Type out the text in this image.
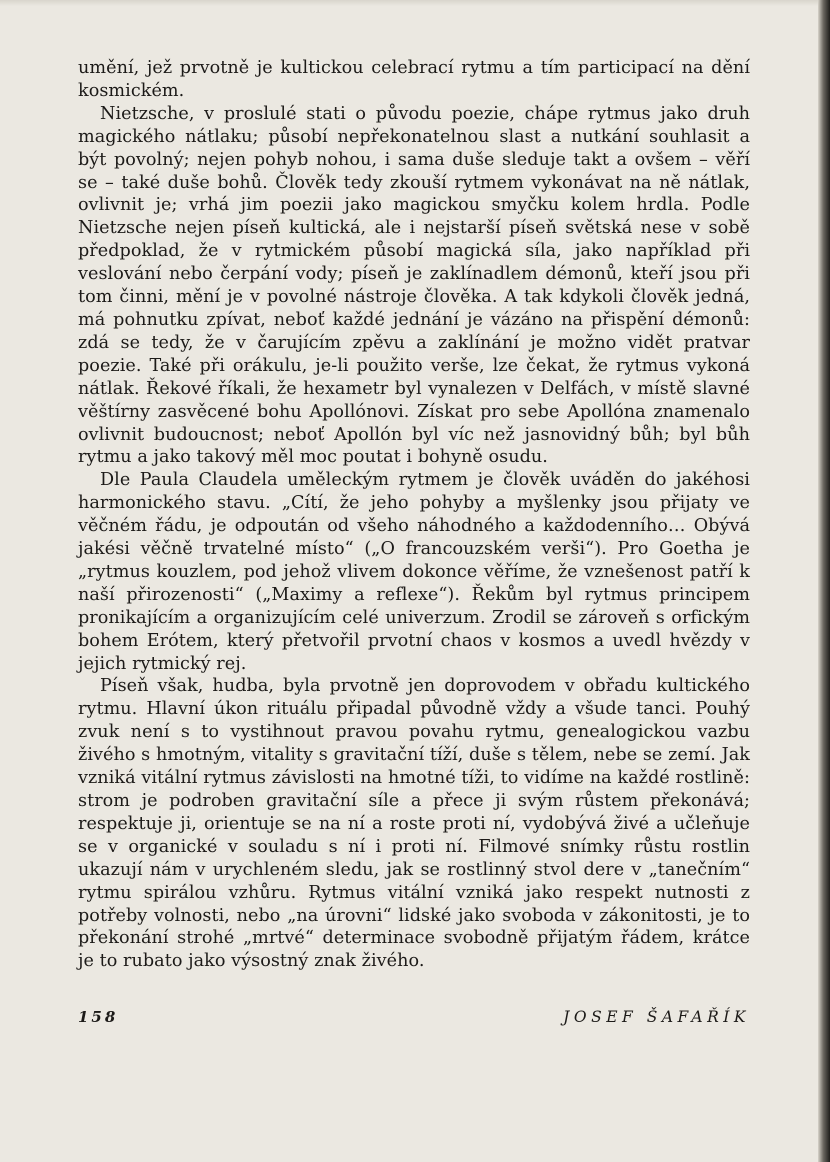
umění, jež prvotně je kultickou celebrací rytmu a tím participací na dění kosmickém.

Nietzsche, v proslulé stati o původu poezie, chápe rytmus jako druh magického nátlaku; působí nepřekonatelnou slast a nutkání souhlasit a být povolný; nejen pohyb nohou, i sama duše sleduje takt a ovšem – věří se – také duše bohů. Člověk tedy zkouší rytmem vykonávat na ně nátlak, ovlivnit je; vrhá jim poezii jako magickou smyčku kolem hrdla. Podle Nietzsche nejen píseň kultická, ale i nejstarší píseň světská nese v sobě předpoklad, že v rytmickém působí magická síla, jako například při veslování nebo čerpání vody; píseň je zaklínadlem démonů, kteří jsou při tom činni, mění je v povolné nástroje člověka. A tak kdykoli člověk jedná, má pohnutku zpívat, neboť každé jednání je vázáno na přispění démonů: zdá se tedy, že v čarujícím zpěvu a zaklínání je možno vidět pratvar poezie. Také při orákulu, je-li použito verše, lze čekat, že rytmus vykoná nátlak. Řekové říkali, že hexametr byl vynalezen v Delfách, v místě slavné věštírny zasvěcené bohu Apollónovi. Získat pro sebe Apollóna znamenalo ovlivnit budoucnost; neboť Apollón byl víc než jasnovidný bůh; byl bůh rytmu a jako takový měl moc poutat i bohyně osudu.

Dle Paula Claudela uměleckým rytmem je člověk uváděn do jakéhosi harmonického stavu. „Cítí, že jeho pohyby a myšlenky jsou přijaty ve věčném řádu, je odpoután od všeho náhodného a každodenního… Obývá jakési věčně trvatelné místo“ („O francouzském verši“). Pro Goetha je „rytmus kouzlem, pod jehož vlivem dokonce věříme, že vznešenost patří k naší přirozenosti“ („Maximy a reflexe“). Řekům byl rytmus principem pronikajícím a organizujícím celé univerzum. Zrodil se zároveň s orfickým bohem Erótem, který přetvořil prvotní chaos v kosmos a uvedl hvězdy v jejich rytmický rej.

Píseň však, hudba, byla prvotně jen doprovodem v obřadu kultického rytmu. Hlavní úkon rituálu připadal původně vždy a všude tanci. Pouhý zvuk není s to vystihnout pravou povahu rytmu, genealogickou vazbu živého s hmotným, vitality s gravitační tíží, duše s tělem, nebe se zemí. Jak vzniká vitální rytmus závislosti na hmotné tíži, to vidíme na každé rostlině: strom je podroben gravitační síle a přece ji svým růstem překonává; respektuje ji, orientuje se na ní a roste proti ní, vydobývá živé a učleňuje se v organické v souladu s ní i proti ní. Filmové snímky růstu rostlin ukazují nám v urychleném sledu, jak se rostlinný stvol dere v „tanečním“ rytmu spirálou vzhůru. Rytmus vitální vzniká jako respekt nutnosti z potřeby volnosti, nebo „na úrovni“ lidské jako svoboda v zákonitosti, je to překonání strohé „mrtvé“ determinace svobodně přijatým řádem, krátce je to rubato jako výsostný znak živého.

158	JOSEF ŠAFAŘÍK
